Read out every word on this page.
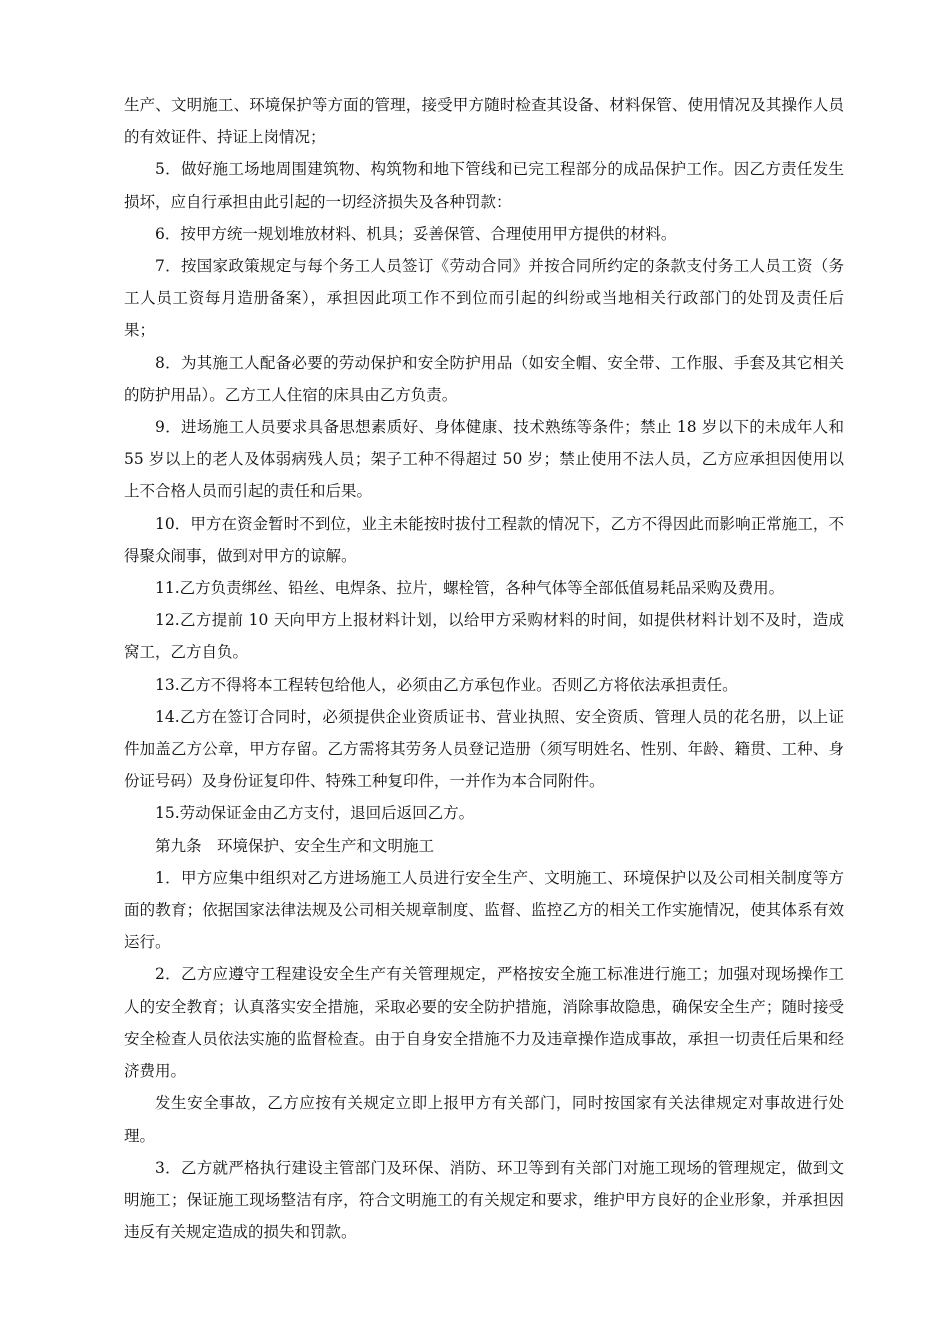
生产、文明施工、环境保护等方面的管理，接受甲方随时检查其设备、材料保管、使用情况及其操作人员的有效证件、持证上岗情况；

5．做好施工场地周围建筑物、构筑物和地下管线和已完工程部分的成品保护工作。因乙方责任发生损坏，应自行承担由此引起的一切经济损失及各种罚款：

6．按甲方统一规划堆放材料、机具；妥善保管、合理使用甲方提供的材料。

7．按国家政策规定与每个务工人员签订《劳动合同》并按合同所约定的条款支付务工人员工资（务工人员工资每月造册备案），承担因此项工作不到位而引起的纠纷或当地相关行政部门的处罚及责任后果；

8．为其施工人配备必要的劳动保护和安全防护用品（如安全帽、安全带、工作服、手套及其它相关的防护用品）。乙方工人住宿的床具由乙方负责。

9．进场施工人员要求具备思想素质好、身体健康、技术熟练等条件；禁止 18 岁以下的未成年人和 55 岁以上的老人及体弱病残人员；架子工种不得超过 50 岁；禁止使用不法人员，乙方应承担因使用以上不合格人员而引起的责任和后果。

10．甲方在资金暂时不到位，业主未能按时拔付工程款的情况下，乙方不得因此而影响正常施工，不得聚众闹事，做到对甲方的谅解。

11.乙方负责绑丝、铅丝、电焊条、拉片，螺栓管，各种气体等全部低值易耗品采购及费用。

12.乙方提前 10 天向甲方上报材料计划，以给甲方采购材料的时间，如提供材料计划不及时，造成窝工，乙方自负。

13.乙方不得将本工程转包给他人，必须由乙方承包作业。否则乙方将依法承担责任。

14.乙方在签订合同时，必须提供企业资质证书、营业执照、安全资质、管理人员的花名册，以上证件加盖乙方公章，甲方存留。乙方需将其劳务人员登记造册（须写明姓名、性别、年龄、籍贯、工种、身份证号码）及身份证复印件、特殊工种复印件，一并作为本合同附件。

15.劳动保证金由乙方支付，退回后返回乙方。

第九条　环境保护、安全生产和文明施工

1．甲方应集中组织对乙方进场施工人员进行安全生产、文明施工、环境保护以及公司相关制度等方面的教育；依据国家法律法规及公司相关规章制度、监督、监控乙方的相关工作实施情况，使其体系有效运行。

2．乙方应遵守工程建设安全生产有关管理规定，严格按安全施工标准进行施工；加强对现场操作工人的安全教育；认真落实安全措施，采取必要的安全防护措施，消除事故隐患，确保安全生产；随时接受安全检查人员依法实施的监督检查。由于自身安全措施不力及违章操作造成事故，承担一切责任后果和经济费用。

发生安全事故，乙方应按有关规定立即上报甲方有关部门，同时按国家有关法律规定对事故进行处理。

3．乙方就严格执行建设主管部门及环保、消防、环卫等到有关部门对施工现场的管理规定，做到文明施工；保证施工现场整洁有序，符合文明施工的有关规定和要求，维护甲方良好的企业形象，并承担因违反有关规定造成的损失和罚款。
